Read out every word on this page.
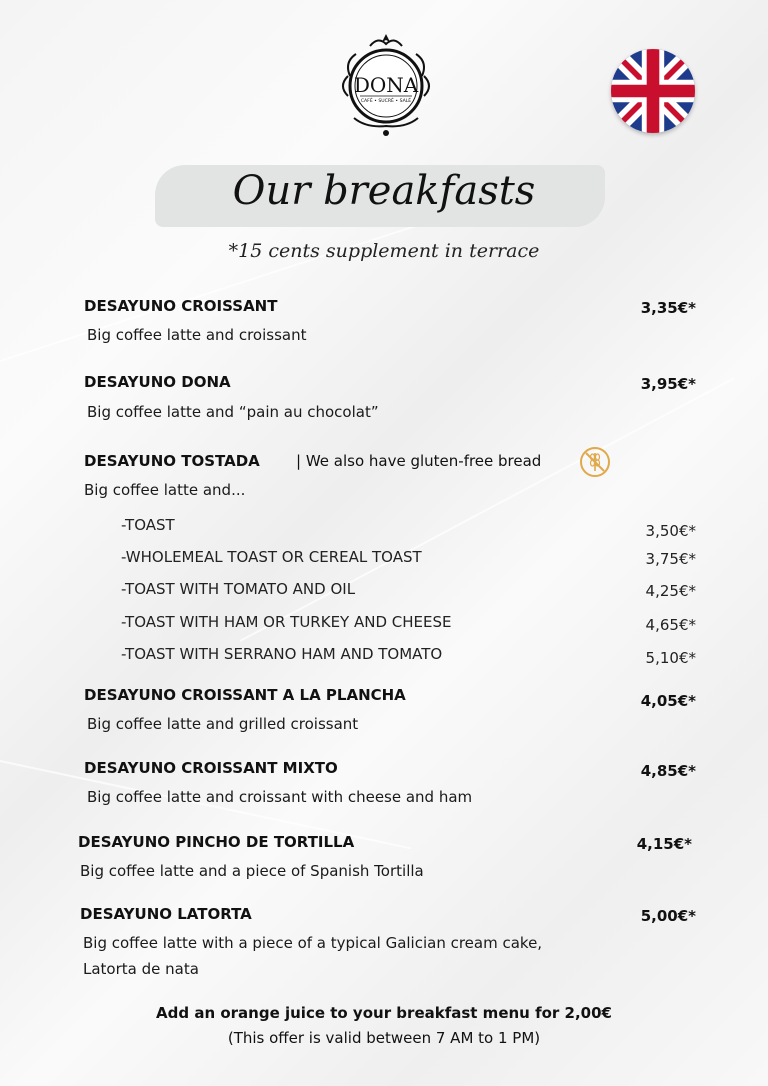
DONA
CAFÉ • SUCRÉ • SALÉ
Our breakfasts
*15 cents supplement in terrace
DESAYUNO CROISSANT
Big coffee latte and croissant
3,35€*
DESAYUNO DONA
Big coffee latte and “pain au chocolat”
3,95€*
DESAYUNO TOSTADA | We also have gluten-free bread
Big coffee latte and...
-TOAST	3,50€*
-WHOLEMEAL TOAST OR CEREAL TOAST	3,75€*
-TOAST WITH TOMATO AND OIL	4,25€*
-TOAST WITH HAM OR TURKEY AND CHEESE	4,65€*
-TOAST WITH SERRANO HAM AND TOMATO	5,10€*
DESAYUNO CROISSANT A LA PLANCHA
Big coffee latte and grilled croissant
4,05€*
DESAYUNO CROISSANT MIXTO
Big coffee latte and croissant with cheese and ham
4,85€*
DESAYUNO PINCHO DE TORTILLA
Big coffee latte and a piece of Spanish Tortilla
4,15€*
DESAYUNO LATORTA
Big coffee latte with a piece of a typical Galician cream cake,
Latorta de nata
5,00€*
Add an orange juice to your breakfast menu for 2,00€
(This offer is valid between 7 AM to 1 PM)
